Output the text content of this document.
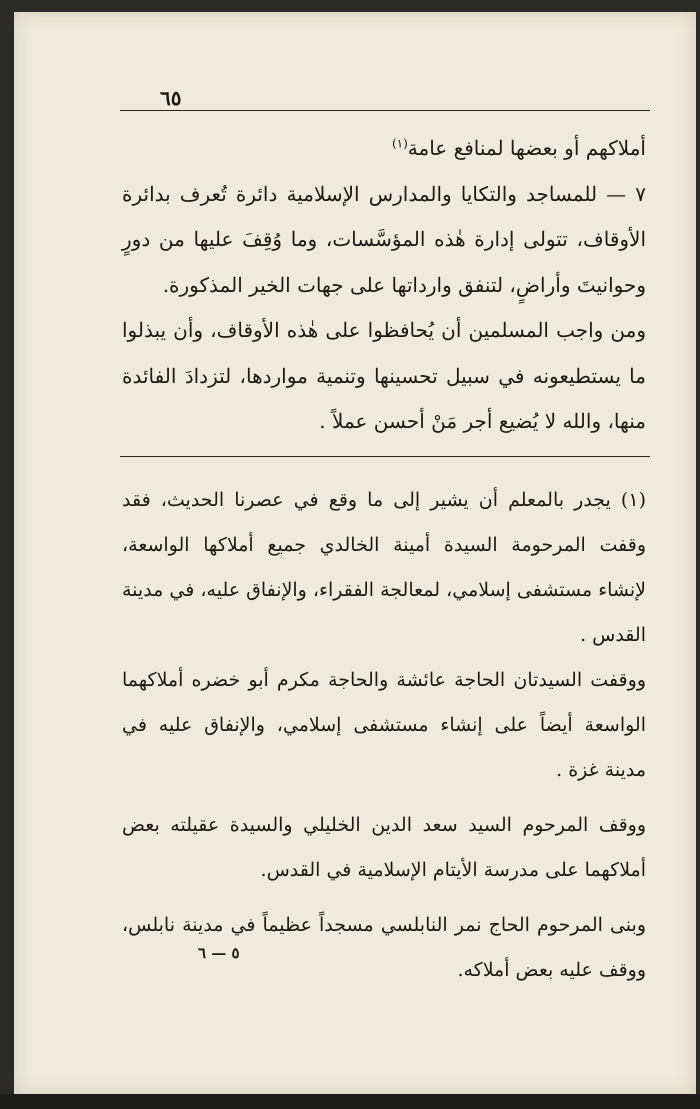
٦٥

أملاكهم أو بعضها لمنافع عامة$^{(١)}$

٧ — للمساجد والتكايا والمدارس الإسلامية دائرة تُعرف بدائرة الأوقاف، تتولى إدارة هٰذه المؤسَّسات، وما وُقِفَ عليها من دورٍ وحوانيتَ وأراضٍ، لتنفق وارداتها على جهات الخير المذكورة.

ومن واجب المسلمين أن يُحافظوا على هٰذه الأوقاف، وأن يبذلوا ما يستطيعونه في سبيل تحسينها وتنمية مواردها، لتزدادَ الفائدة منها، والله لا يُضيع أجر مَنْ أحسن عملاً .

(١) يجدر بالمعلم أن يشير إلى ما وقع في عصرنا الحديث، فقد وقفت المرحومة السيدة أمينة الخالدي جميع أملاكها الواسعة، لإنشاء مستشفى إسلامي، لمعالجة الفقراء، والإنفاق عليه، في مدينة القدس .

ووقفت السيدتان الحاجة عائشة والحاجة مكرم أبو خضره أملاكهما الواسعة أيضاً على إنشاء مستشفى إسلامي، والإنفاق عليه في مدينة غزة .

ووقف المرحوم السيد سعد الدين الخليلي والسيدة عقيلته بعض أملاكهما على مدرسة الأيتام الإسلامية في القدس.

وبنى المرحوم الحاج نمر النابلسي مسجداً عظيماً في مدينة نابلس، ووقف عليه بعض أملاكه.

٥ — ٦
